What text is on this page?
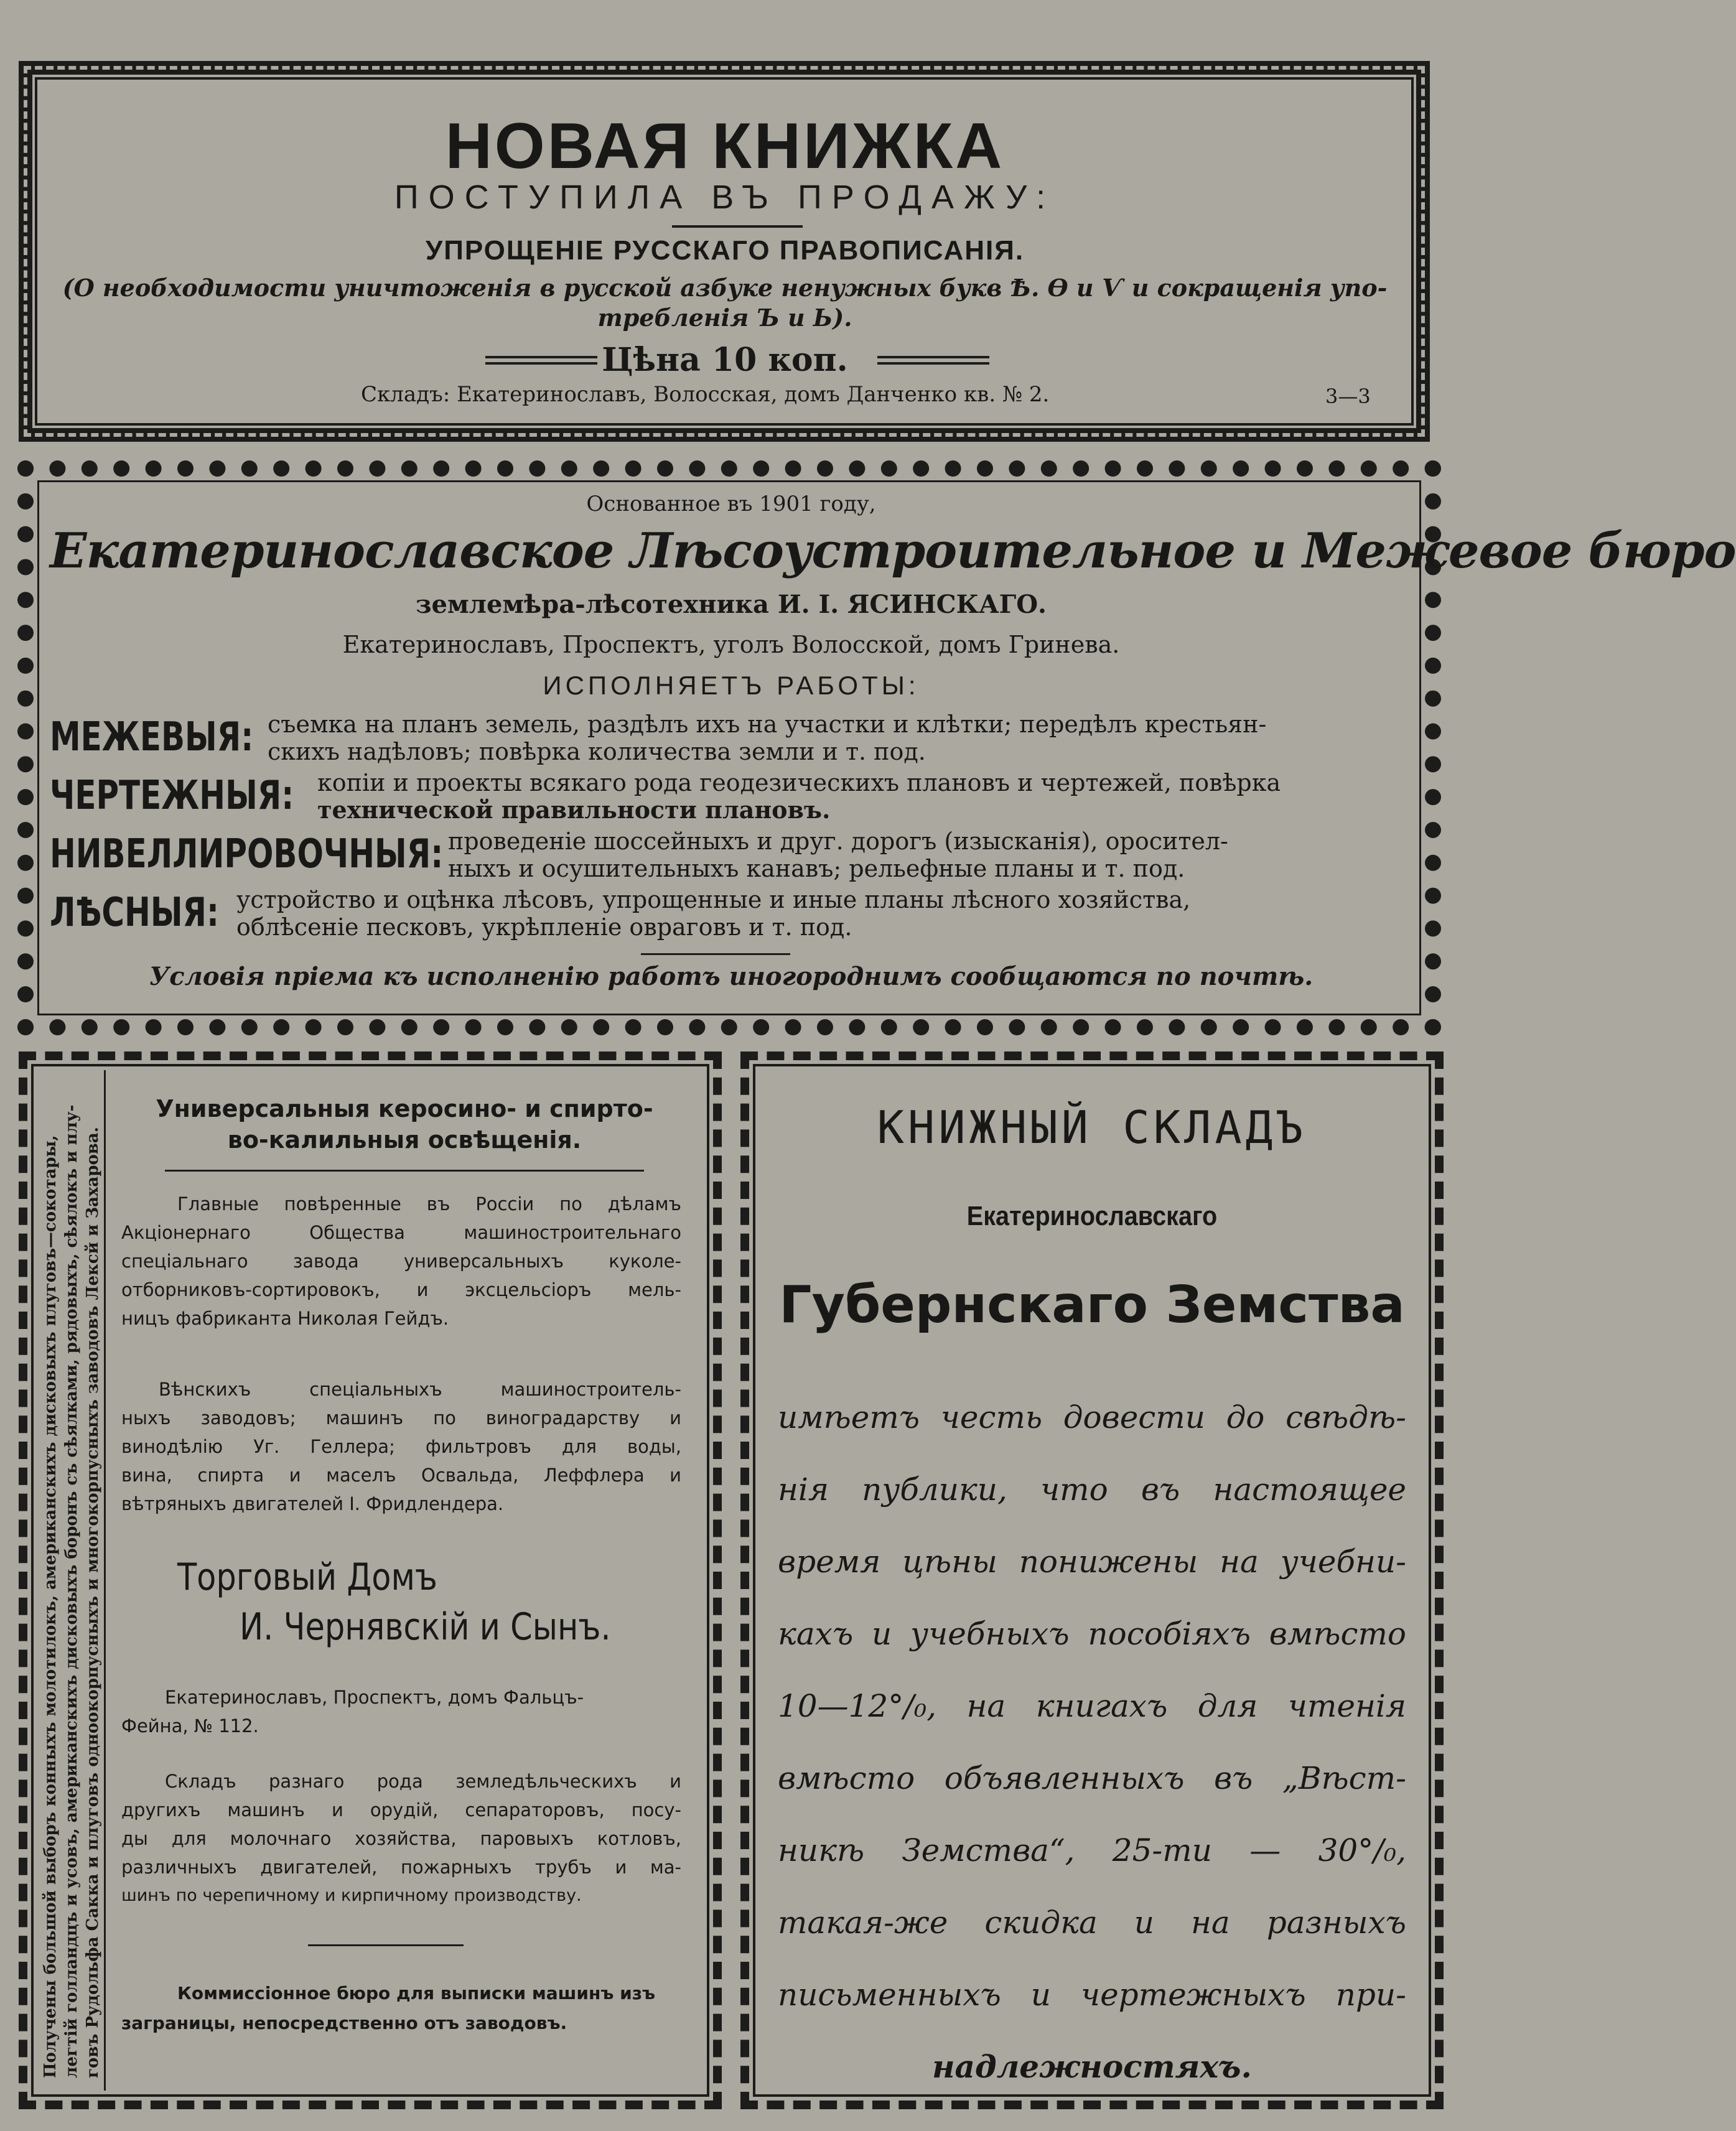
НОВАЯ КНИЖКА
ПОСТУПИЛА ВЪ ПРОДАЖУ:
УПРОЩЕНІЕ РУССКАГО ПРАВОПИСАНІЯ.
(О необходимости уничтоженія в русской азбуке ненужных букв Ѣ. Ѳ и Ѵ и сокращенія упо-
требленія Ъ и Ь).
Цѣна 10 коп.
Складъ: Екатеринославъ, Волосская, домъ Данченко кв. № 2.	3—3
Основанное въ 1901 году,
Екатеринославское Лѣсоустроительное и Межевое бюро
землемѣра-лѣсотехника И. І. ЯСИНСКАГО.
Екатеринославъ, Проспектъ, уголъ Волосской, домъ Гринева.
ИСПОЛНЯЕТЪ РАБОТЫ:
МЕЖЕВЫЯ: съемка на планъ земель, раздѣлъ ихъ на участки и клѣтки; передѣлъ крестьян-
скихъ надѣловъ; повѣрка количества земли и т. под.
ЧЕРТЕЖНЫЯ: копіи и проекты всякаго рода геодезическихъ плановъ и чертежей, повѣрка
технической правильности плановъ.
НИВЕЛЛИРОВОЧНЫЯ: проведеніе шоссейныхъ и друг. дорогъ (изысканія), оросител-
ныхъ и осушительныхъ канавъ; рельефные планы и т. под.
ЛѢСНЫЯ: устройство и оцѣнка лѣсовъ, упрощенные и иные планы лѣсного хозяйства,
облѣсеніе песковъ, укрѣпленіе овраговъ и т. под.
Условія пріема къ исполненію работъ иногороднимъ сообщаются по почтѣ.
Получены большой выборъ конныхъ молотилокъ, американскихъ дисковыхъ плуговъ—сокотары, легтій голландцъ и усовъ, американскихъ дисковыхъ боронъ съ сѣялками, рядовыхъ, сѣялокъ и плу- говъ Рудольфа Сакка и плуговъ одноокорпусныхъ и многокорпусныхъ заводовъ Лексй и Захарова.
Универсальныя керосино- и спирто-
во-калильныя освѣщенія.
Главные повѣренные въ Россіи по дѣламъ
Акціонернаго Общества машиностроительнаго
спеціальнаго завода универсальныхъ куколе-
отборниковъ-сортировокъ, и эксцельсіоръ мель-
ницъ фабриканта Николая Гейдъ.
Вѣнскихъ спеціальныхъ машиностроитель-
ныхъ заводовъ; машинъ по виноградарству и
винодѣлію Уг. Геллера; фильтровъ для воды,
вина, спирта и маселъ Освальда, Леффлера и
вѣтряныхъ двигателей І. Фридлендера.
Торговый Домъ
И. Чернявскій и Сынъ.
Екатеринославъ, Проспектъ, домъ Фальцъ-
Фейна, № 112.
Складъ разнаго рода земледѣльческихъ и
другихъ машинъ и орудій, сепараторовъ, посу-
ды для молочнаго хозяйства, паровыхъ котловъ,
различныхъ двигателей, пожарныхъ трубъ и ма-
шинъ по черепичному и кирпичному производству.
Коммиссіонное бюро для выписки машинъ изъ
заграницы, непосредственно отъ заводовъ.
КНИЖНЫЙ СКЛАДЪ
Екатеринославскаго
Губернскаго Земства
имѣетъ честь довести до свѣдѣ-
нія публики, что въ настоящее
время цѣны понижены на учебни-
кахъ и учебныхъ пособіяхъ вмѣсто
10—12°/₀, на книгахъ для чтенія
вмѣсто объявленныхъ въ „Вѣст-
никѣ Земства“, 25-ти — 30°/₀,
такая-же скидка и на разныхъ
письменныхъ и чертежныхъ при-
надлежностяхъ.
